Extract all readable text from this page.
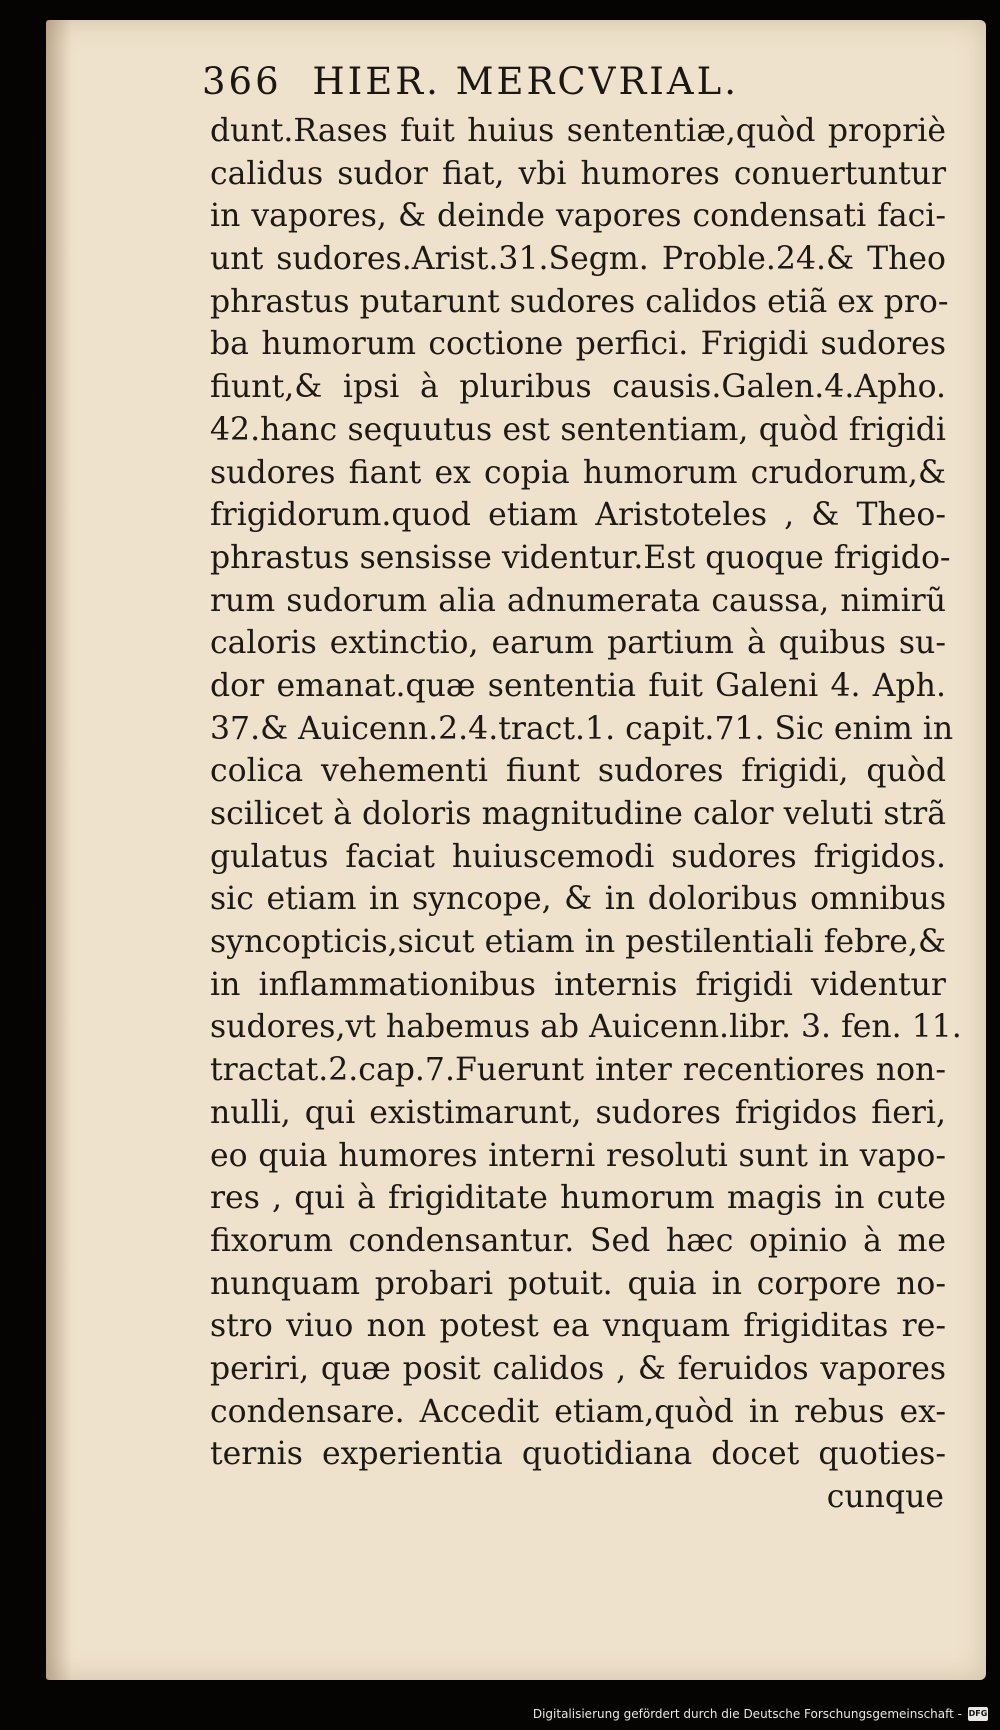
366 HIER. MERCVRIAL.
dunt.Rases fuit huius sententiæ,quòd propriè
calidus sudor fiat, vbi humores conuertuntur
in vapores, & deinde vapores condensati faci-
unt sudores.Arist.31.Segm. Proble.24.& Theo
phrastus putarunt sudores calidos etiã ex pro-
ba humorum coctione perfici. Frigidi sudores
fiunt,& ipsi à pluribus causis.Galen.4.Apho.
42.hanc sequutus est sententiam, quòd frigidi
sudores fiant ex copia humorum crudorum,&
frigidorum.quod etiam Aristoteles , & Theo-
phrastus sensisse videntur.Est quoque frigido-
rum sudorum alia adnumerata caussa, nimirũ
caloris extinctio, earum partium à quibus su-
dor emanat.quæ sententia fuit Galeni 4. Aph.
37.& Auicenn.2.4.tract.1. capit.71. Sic enim in
colica vehementi fiunt sudores frigidi, quòd
scilicet à doloris magnitudine calor veluti strã
gulatus faciat huiuscemodi sudores frigidos.
sic etiam in syncope, & in doloribus omnibus
syncopticis,sicut etiam in pestilentiali febre,&
in inflammationibus internis frigidi videntur
sudores,vt habemus ab Auicenn.libr. 3. fen. 11.
tractat.2.cap.7.Fuerunt inter recentiores non-
nulli, qui existimarunt, sudores frigidos fieri,
eo quia humores interni resoluti sunt in vapo-
res , qui à frigiditate humorum magis in cute
fixorum condensantur. Sed hæc opinio à me
nunquam probari potuit. quia in corpore no-
stro viuo non potest ea vnquam frigiditas re-
periri, quæ posit calidos , & feruidos vapores
condensare. Accedit etiam,quòd in rebus ex-
ternis experientia quotidiana docet quoties-
cunque
Digitalisierung gefördert durch die Deutsche Forschungsgemeinschaft - DFG
